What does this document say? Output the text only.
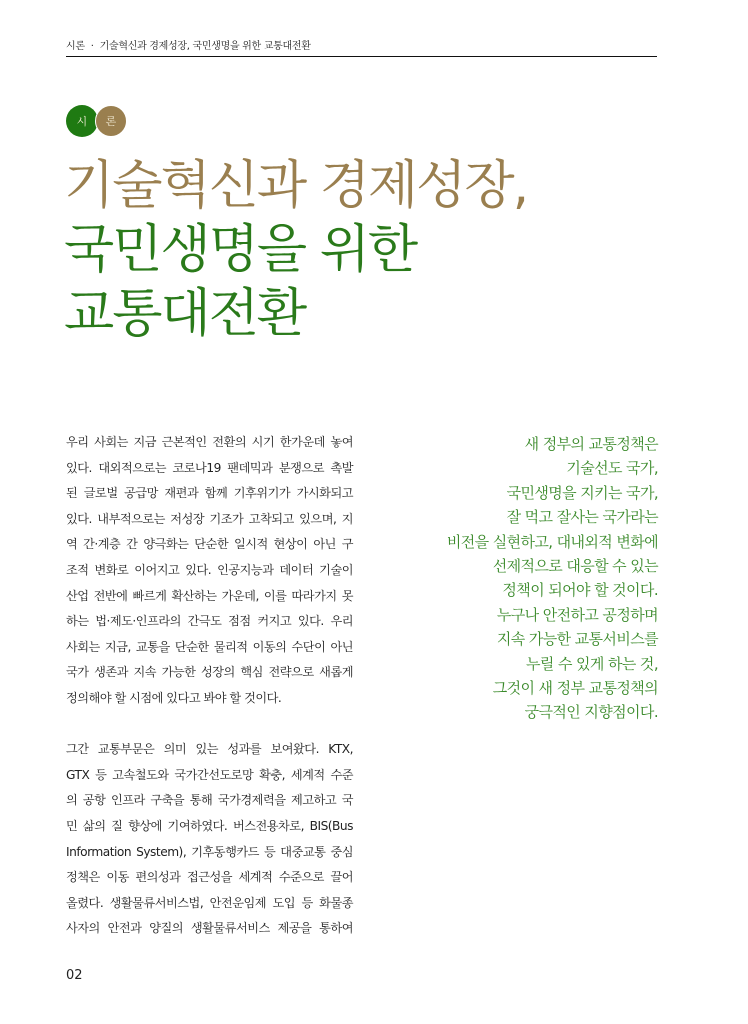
시론 · 기술혁신과 경제성장, 국민생명을 위한 교통대전환
시	론
기술혁신과 경제성장,
국민생명을 위한
교통대전환

우리 사회는 지금 근본적인 전환의 시기 한가운데 놓여
있다. 대외적으로는 코로나19 팬데믹과 분쟁으로 촉발
된 글로벌 공급망 재편과 함께 기후위기가 가시화되고
있다. 내부적으로는 저성장 기조가 고착되고 있으며, 지
역 간·계층 간 양극화는 단순한 일시적 현상이 아닌 구
조적 변화로 이어지고 있다. 인공지능과 데이터 기술이
산업 전반에 빠르게 확산하는 가운데, 이를 따라가지 못
하는 법·제도·인프라의 간극도 점점 커지고 있다. 우리
사회는 지금, 교통을 단순한 물리적 이동의 수단이 아닌
국가 생존과 지속 가능한 성장의 핵심 전략으로 새롭게
정의해야 할 시점에 있다고 봐야 할 것이다.

그간 교통부문은 의미 있는 성과를 보여왔다. KTX,
GTX 등 고속철도와 국가간선도로망 확충, 세계적 수준
의 공항 인프라 구축을 통해 국가경제력을 제고하고 국
민 삶의 질 향상에 기여하였다. 버스전용차로, BIS(Bus
Information System), 기후동행카드 등 대중교통 중심
정책은 이동 편의성과 접근성을 세계적 수준으로 끌어
올렸다. 생활물류서비스법, 안전운임제 도입 등 화물종
사자의 안전과 양질의 생활물류서비스 제공을 통하여

새 정부의 교통정책은
기술선도 국가,
국민생명을 지키는 국가,
잘 먹고 잘사는 국가라는
비전을 실현하고, 대내외적 변화에
선제적으로 대응할 수 있는
정책이 되어야 할 것이다.
누구나 안전하고 공정하며
지속 가능한 교통서비스를
누릴 수 있게 하는 것,
그것이 새 정부 교통정책의
궁극적인 지향점이다.
02
